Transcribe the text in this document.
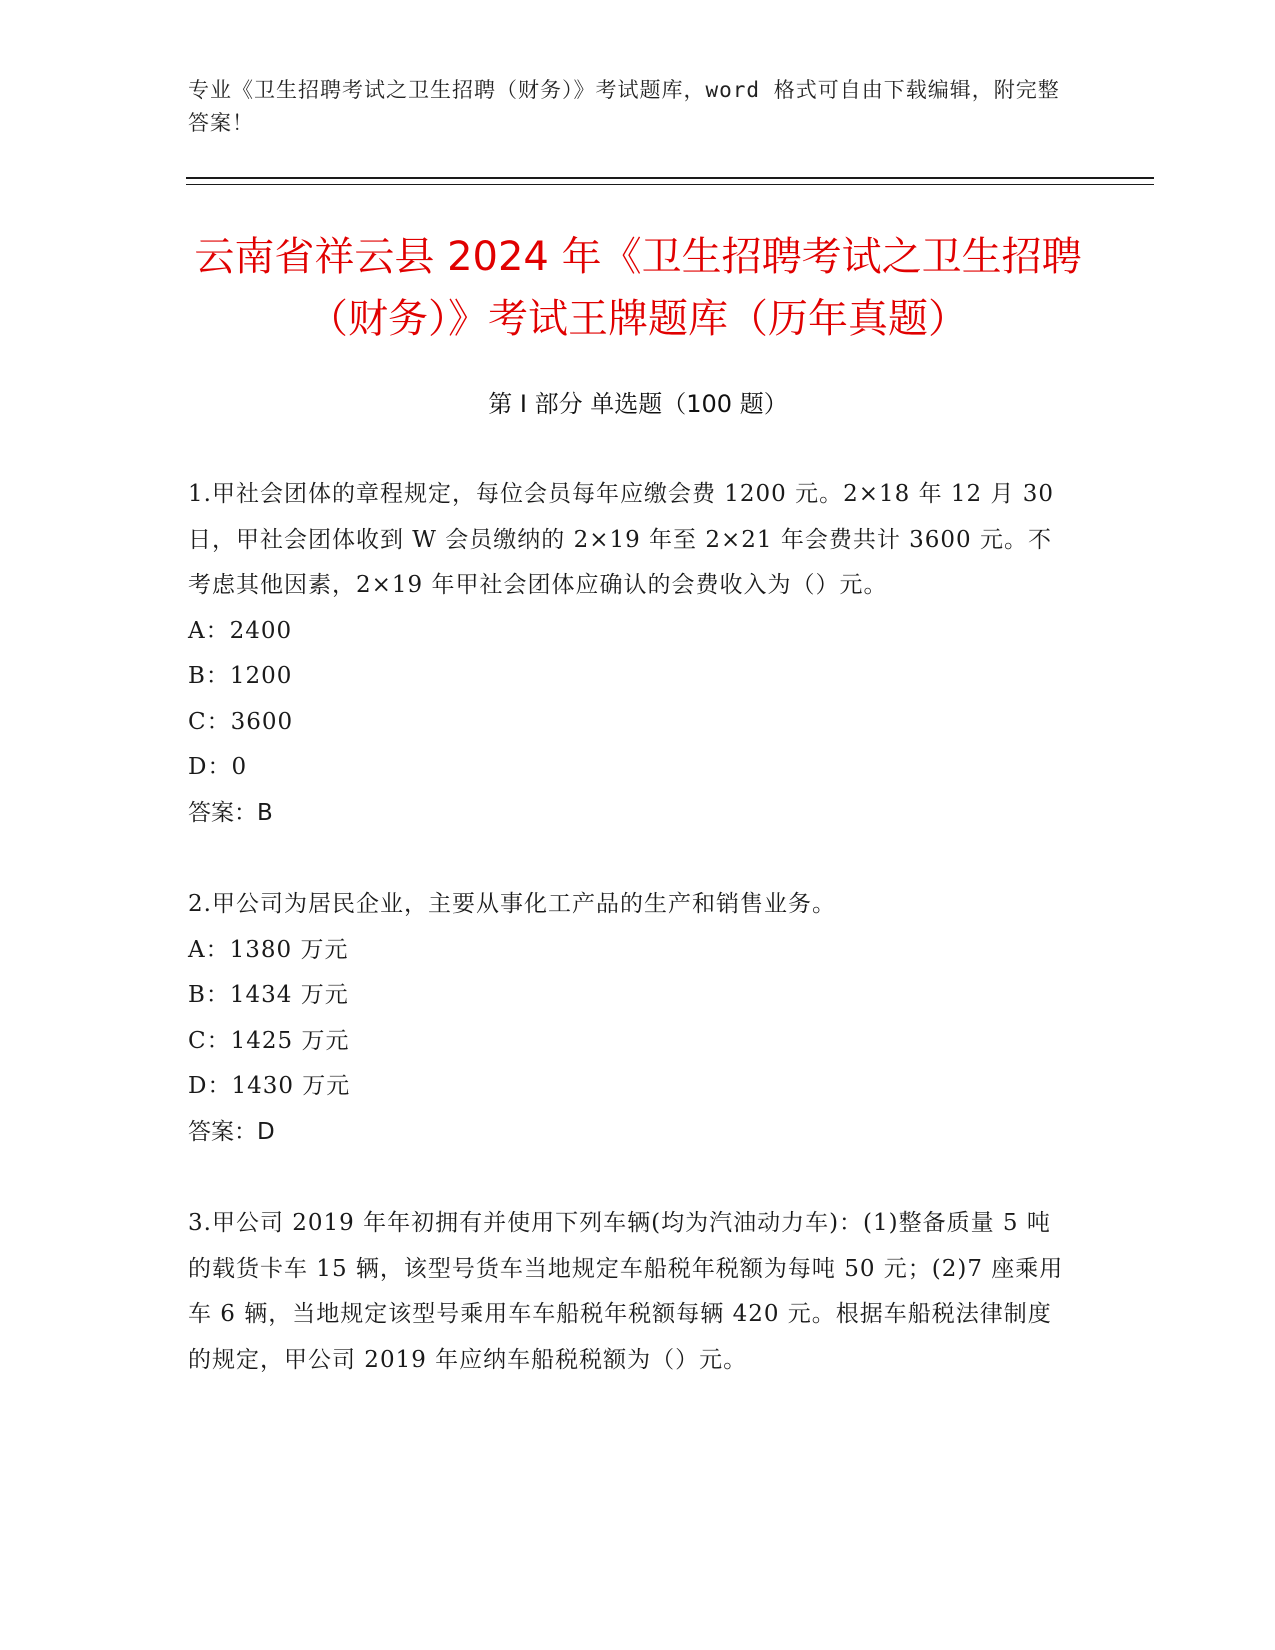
专业《卫生招聘考试之卫生招聘（财务）》考试题库，word 格式可自由下载编辑，附完整答案！
云南省祥云县 2024 年《卫生招聘考试之卫生招聘（财务）》考试王牌题库（历年真题）
第 I 部分 单选题（100 题）
1.甲社会团体的章程规定，每位会员每年应缴会费 1200 元。2×18 年 12 月 30 日，甲社会团体收到 W 会员缴纳的 2×19 年至 2×21 年会费共计 3600 元。不考虑其他因素，2×19 年甲社会团体应确认的会费收入为（）元。
A：2400
B：1200
C：3600
D：0
答案：B
2.甲公司为居民企业，主要从事化工产品的生产和销售业务。
A：1380 万元
B：1434 万元
C：1425 万元
D：1430 万元
答案：D
3.甲公司 2019 年年初拥有并使用下列车辆(均为汽油动力车)：(1)整备质量 5 吨的载货卡车 15 辆，该型号货车当地规定车船税年税额为每吨 50 元；(2)7 座乘用车 6 辆，当地规定该型号乘用车车船税年税额每辆 420 元。根据车船税法律制度的规定，甲公司 2019 年应纳车船税税额为（）元。
